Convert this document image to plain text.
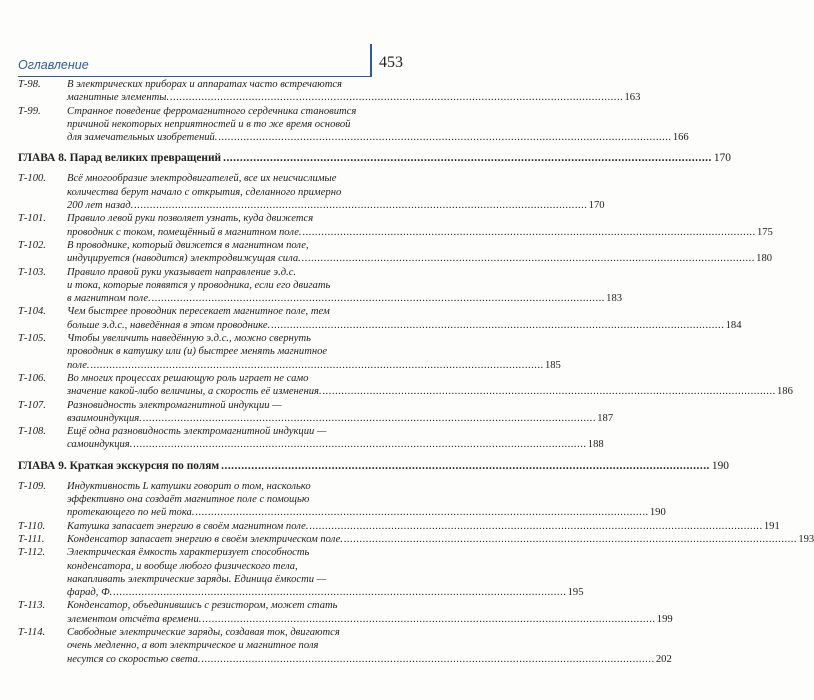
Оглавление	453
Т-98.	В электрических приборах и аппаратах часто встречаются
магнитные элементы. .....	163
Т-99.	Странное поведение ферромагнитного сердечника становится
причиной некоторых неприятностей и в то же время основой
для замечательных изобретений. .....	166
ГЛАВА 8. Парад великих превращений .....	170
Т-100.	Всё многообразие электродвигателей, все их неисчислимые
количества берут начало с открытия, сделанного примерно
200 лет назад. .....	170
Т-101.	Правило левой руки позволяет узнать, куда движется
проводник с током, помещённый в магнитном поле. .....	175
Т-102.	В проводнике, который движется в магнитном поле,
индуцируется (наводится) электродвижущая сила. .....	180
Т-103.	Правило правой руки указывает направление э.д.с.
и тока, которые появятся у проводника, если его двигать
в магнитном поле. .....	183
Т-104.	Чем быстрее проводник пересекает магнитное поле, тем
больше э.д.с., наведённая в этом проводнике. .....	184
Т-105.	Чтобы увеличить наведённую э.д.с., можно свернуть
проводник в катушку или (и) быстрее менять магнитное
поле. .....	185
Т-106.	Во многих процессах решающую роль играет не само
значение какой-либо величины, а скорость её изменения. .....	186
Т-107.	Разновидность электромагнитной индукции —
взаимоиндукция. .....	187
Т-108.	Ещё одна разновидность электромагнитной индукции —
самоиндукция. .....	188
ГЛАВА 9. Краткая экскурсия по полям .....	190
Т-109.	Индуктивность L катушки говорит о том, насколько
эффективно она создаёт магнитное поле с помощью
протекающего по ней тока. .....	190
Т-110.	Катушка запасает энергию в своём магнитном поле. .....	191
Т-111.	Конденсатор запасает энергию в своём электрическом поле. .....	193
Т-112.	Электрическая ёмкость характеризует способность
конденсатора, и вообще любого физического тела,
накапливать электрические заряды. Единица ёмкости —
фарад, Ф. .....	195
Т-113.	Конденсатор, объединившись с резистором, может стать
элементом отсчёта времени. .....	199
Т-114.	Свободные электрические заряды, создавая ток, двигаются
очень медленно, а вот электрическое и магнитное поля
несутся со скоростью света. .....	202
